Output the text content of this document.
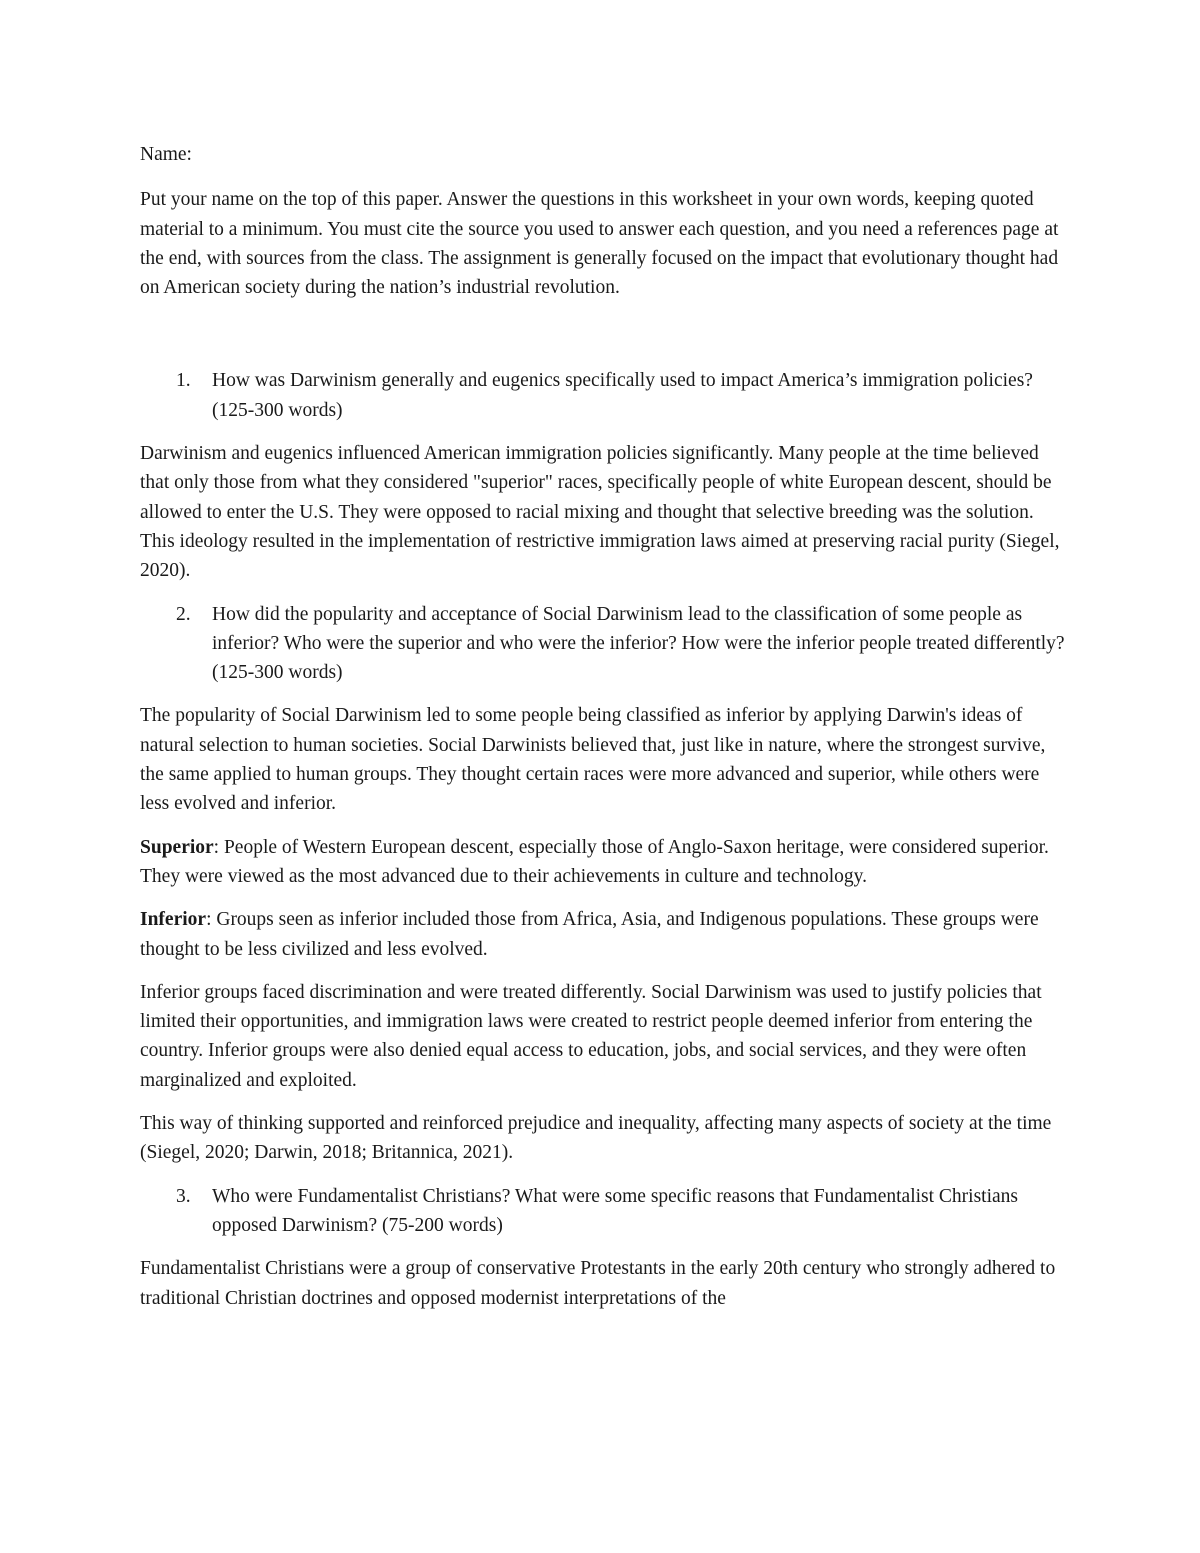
Name:

Put your name on the top of this paper. Answer the questions in this worksheet in your own words, keeping quoted material to a minimum. You must cite the source you used to answer each question, and you need a references page at the end, with sources from the class. The assignment is generally focused on the impact that evolutionary thought had on American society during the nation’s industrial revolution.

1. How was Darwinism generally and eugenics specifically used to impact America’s immigration policies? (125-300 words)

Darwinism and eugenics influenced American immigration policies significantly. Many people at the time believed that only those from what they considered "superior" races, specifically people of white European descent, should be allowed to enter the U.S. They were opposed to racial mixing and thought that selective breeding was the solution. This ideology resulted in the implementation of restrictive immigration laws aimed at preserving racial purity (Siegel, 2020).

2. How did the popularity and acceptance of Social Darwinism lead to the classification of some people as inferior? Who were the superior and who were the inferior? How were the inferior people treated differently? (125-300 words)

The popularity of Social Darwinism led to some people being classified as inferior by applying Darwin's ideas of natural selection to human societies. Social Darwinists believed that, just like in nature, where the strongest survive, the same applied to human groups. They thought certain races were more advanced and superior, while others were less evolved and inferior.

Superior: People of Western European descent, especially those of Anglo-Saxon heritage, were considered superior. They were viewed as the most advanced due to their achievements in culture and technology.

Inferior: Groups seen as inferior included those from Africa, Asia, and Indigenous populations. These groups were thought to be less civilized and less evolved.

Inferior groups faced discrimination and were treated differently. Social Darwinism was used to justify policies that limited their opportunities, and immigration laws were created to restrict people deemed inferior from entering the country. Inferior groups were also denied equal access to education, jobs, and social services, and they were often marginalized and exploited.

This way of thinking supported and reinforced prejudice and inequality, affecting many aspects of society at the time (Siegel, 2020; Darwin, 2018; Britannica, 2021).

3. Who were Fundamentalist Christians? What were some specific reasons that Fundamentalist Christians opposed Darwinism? (75-200 words)

Fundamentalist Christians were a group of conservative Protestants in the early 20th century who strongly adhered to traditional Christian doctrines and opposed modernist interpretations of the
